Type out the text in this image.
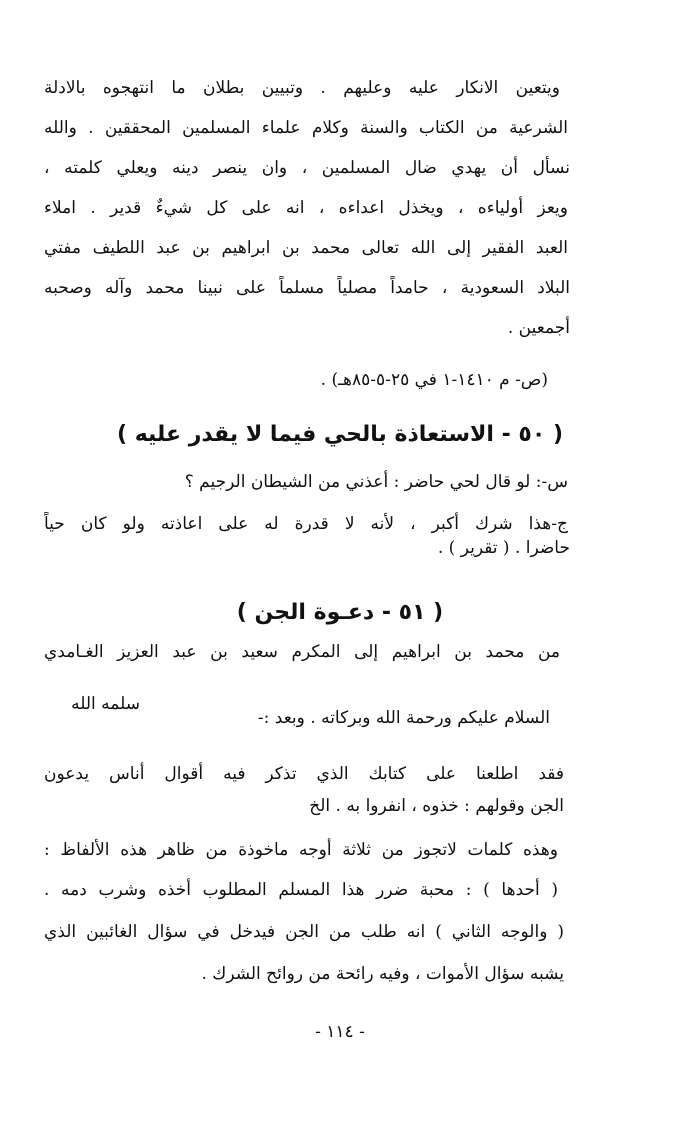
ويتعين الانكار عليه وعليهم . وتبيين بطلان ما انتهجوه بالادلة
الشرعية من الكتاب والسنة وكلام علماء المسلمين المحققين . والله
نسأل أن يهدي ضال المسلمين ، وان ينصر دينه ويعلي كلمته ،
ويعز أولياءه ، ويخذل اعداءه ، انه على كل شيءٌ قدير . املاء
العبد الفقير إلى الله تعالى محمد بن ابراهيم بن عبد اللطيف مفتي
البلاد السعودية ، حامداً مصلياً مسلماً على نبينا محمد وآله وصحبه
أجمعين .
(ص- م ١٤١٠-١ في ٢٥-٥-٨٥هـ) .
( ٥٠ - الاستعاذة بالحي فيما لا يقدر عليه )
س-: لو قال لحي حاضر : أعذني من الشيطان الرجيم ؟
ج-هذا شرك أكبر ، لأنه لا قدرة له على اعاذته ولو كان حياً
حاضرا . ( تقرير ) .
( ٥١ - دعـوة الجن )
من محمد بن ابراهيم إلى المكرم سعيد بن عبد العزيز الغـامدي
سلمه الله
السلام عليكم ورحمة الله وبركاته . وبعد :-
فقد اطلعنا على كتابك الذي تذكر فيه أقوال أناس يدعون
الجن وقولهم : خذوه ، انفروا به . الخ
وهذه كلمات لاتجوز من ثلاثة أوجه ماخوذة من ظاهر هذه الألفاظ :
( أحدها ) : محبة ضرر هذا المسلم المطلوب أخذه وشرب دمه .
( والوجه الثاني ) انه طلب من الجن فيدخل في سؤال الغائبين الذي
يشبه سؤال الأموات ، وفيه رائحة من روائح الشرك .
- ١١٤ -
